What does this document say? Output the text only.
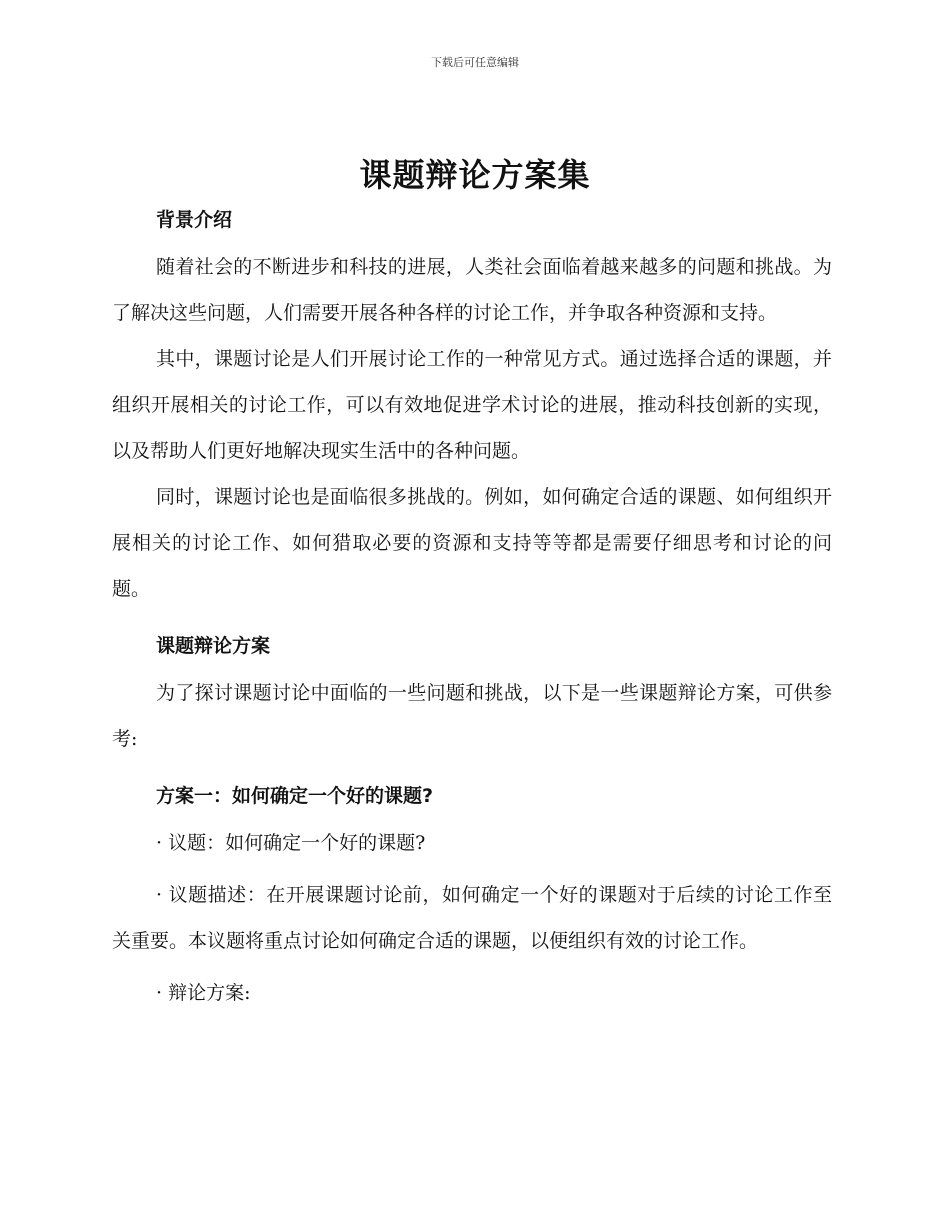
下载后可任意编辑
课题辩论方案集
背景介绍

随着社会的不断进步和科技的进展，人类社会面临着越来越多的问题和挑战。为了解决这些问题，人们需要开展各种各样的讨论工作，并争取各种资源和支持。

其中，课题讨论是人们开展讨论工作的一种常见方式。通过选择合适的课题，并组织开展相关的讨论工作，可以有效地促进学术讨论的进展，推动科技创新的实现，以及帮助人们更好地解决现实生活中的各种问题。

同时，课题讨论也是面临很多挑战的。例如，如何确定合适的课题、如何组织开展相关的讨论工作、如何猎取必要的资源和支持等等都是需要仔细思考和讨论的问题。

课题辩论方案

为了探讨课题讨论中面临的一些问题和挑战，以下是一些课题辩论方案，可供参考:

方案一：如何确定一个好的课题?

· 议题：如何确定一个好的课题?

· 议题描述：在开展课题讨论前，如何确定一个好的课题对于后续的讨论工作至关重要。本议题将重点讨论如何确定合适的课题，以便组织有效的讨论工作。

· 辩论方案:
